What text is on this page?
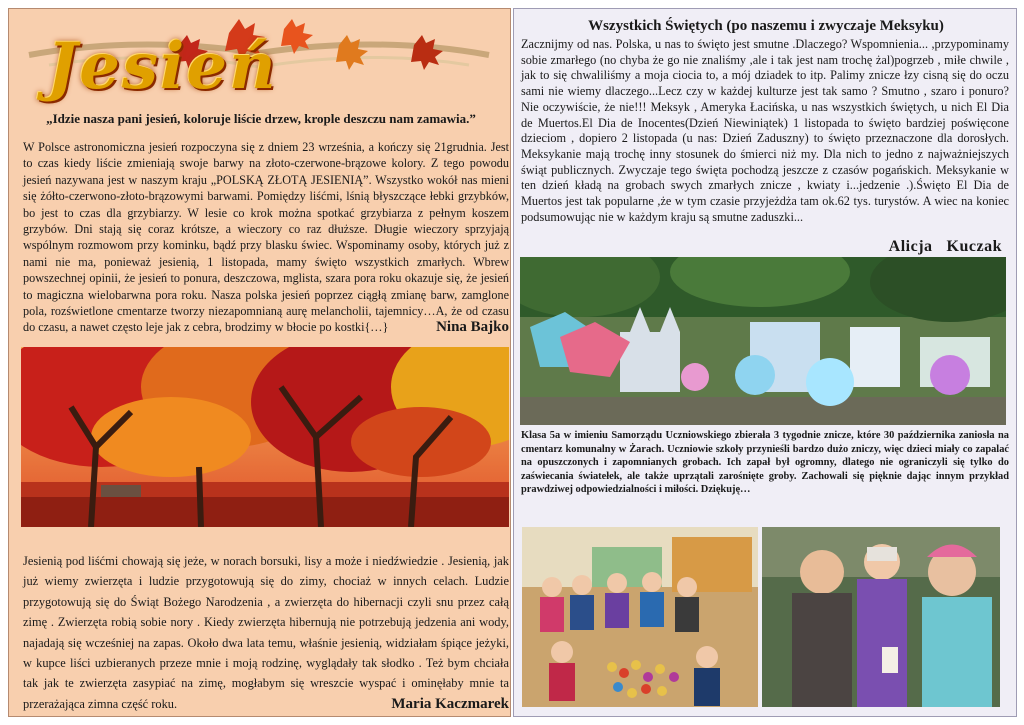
Jesień
„Idzie nasza pani jesień, koloruje liście drzew, krople deszczu nam zamawia.”
W Polsce astronomiczna jesień rozpoczyna się z dniem 23 września, a kończy się 21grudnia. Jest to czas kiedy liście zmieniają swoje barwy na złoto-czerwone-brązowe kolory. Z tego powodu jesień nazywana jest w naszym kraju „POLSKĄ ZŁOTĄ JESIENIĄ”. Wszystko wokół nas mieni się żółto-czerwono-złoto-brązowymi barwami. Pomiędzy liśćmi, lśnią błyszczące łebki grzybków, bo jest to czas dla grzybiarzy. W lesie co krok można spotkać grzybiarza z pełnym koszem grzybów. Dni stają się coraz krótsze, a wieczory co raz dłuższe. Długie wieczory sprzyjają wspólnym rozmowom przy kominku, bądź przy blasku świec. Wspominamy osoby, których już z nami nie ma, ponieważ jesienią, 1 listopada, mamy święto wszystkich zmarłych. Wbrew powszechnej opinii, że jesień to ponura, deszczowa, mglista, szara pora roku okazuje się, że jesień to magiczna wielobarwna pora roku. Nasza polska jesień poprzez ciągłą zmianę barw, zamglone pola, rozświetlone cmentarze tworzy niezapomnianą aurę melancholii, tajemnicy…A, że od czasu do czasu, a nawet często leje jak z cebra, brodzimy w błocie po kostki{…}	Nina Bajko
Jesienią pod liśćmi chowają się jeże, w norach borsuki, lisy a może i niedźwiedzie . Jesienią, jak już wiemy zwierzęta i ludzie przygotowują się do zimy, chociaż w innych celach. Ludzie przygotowują się do Świąt Bożego Narodzenia , a zwierzęta do hibernacji czyli snu przez całą zimę . Zwierzęta robią sobie nory . Kiedy zwierzęta hibernują nie potrzebują jedzenia ani wody, najadają się wcześniej na zapas. Około dwa lata temu, właśnie jesienią, widziałam śpiące jeżyki, w kupce liści uzbieranych przeze mnie i moją rodzinę, wyglądały tak słodko . Też bym chciała tak jak te zwierzęta zasypiać na zimę, mogłabym się wreszcie wyspać i ominęłaby mnie ta przerażająca zimna część roku.	Maria Kaczmarek
Wszystkich Świętych (po naszemu i zwyczaje Meksyku)
Zacznijmy od nas. Polska, u nas to święto jest smutne .Dlaczego? Wspomnienia... ,przypominamy sobie zmarłego (no chyba że go nie znaliśmy ,ale i tak jest nam trochę żal)pogrzeb , miłe chwile , jak to się chwaliliśmy a moja ciocia to, a mój dziadek to itp. Palimy znicze łzy cisną się do oczu sami nie wiemy dlaczego...Lecz czy w każdej kulturze jest tak samo ? Smutno , szaro i ponuro? Nie oczywiście, że nie!!! Meksyk , Ameryka Łacińska, u nas wszystkich świętych, u nich El Dia de Muertos.El Dia de Inocentes(Dzień Niewiniątek) 1 listopada to święto bardziej poświęcone dzieciom , dopiero 2 listopada (u nas: Dzień Zaduszny) to święto przeznaczone dla dorosłych. Meksykanie mają trochę inny stosunek do śmierci niż my. Dla nich to jedno z najważniejszych świąt publicznych. Zwyczaje tego święta pochodzą jeszcze z czasów pogańskich. Meksykanie w ten dzień kładą na grobach swych zmarłych znicze , kwiaty i...jedzenie .).Święto El Dia de Muertos jest tak popularne ,że w tym czasie przyjeżdża tam ok.62 tys. turystów. A wiec na koniec podsumowując nie w każdym kraju są smutne zaduszki...
Alicja Kuczak
Klasa 5a w imieniu Samorządu Uczniowskiego zbierała 3 tygodnie znicze, które 30 października zaniosła na cmentarz komunalny w Żarach. Uczniowie szkoły przynieśli bardzo dużo zniczy, więc dzieci miały co zapalać na opuszczonych i zapomnianych grobach. Ich zapał był ogromny, dlatego nie ograniczyli się tylko do zaświecania światełek, ale także uprzątali zarośnięte groby. Zachowali się pięknie dając innym przykład prawdziwej odpowiedzialności i miłości. Dziękuję…
